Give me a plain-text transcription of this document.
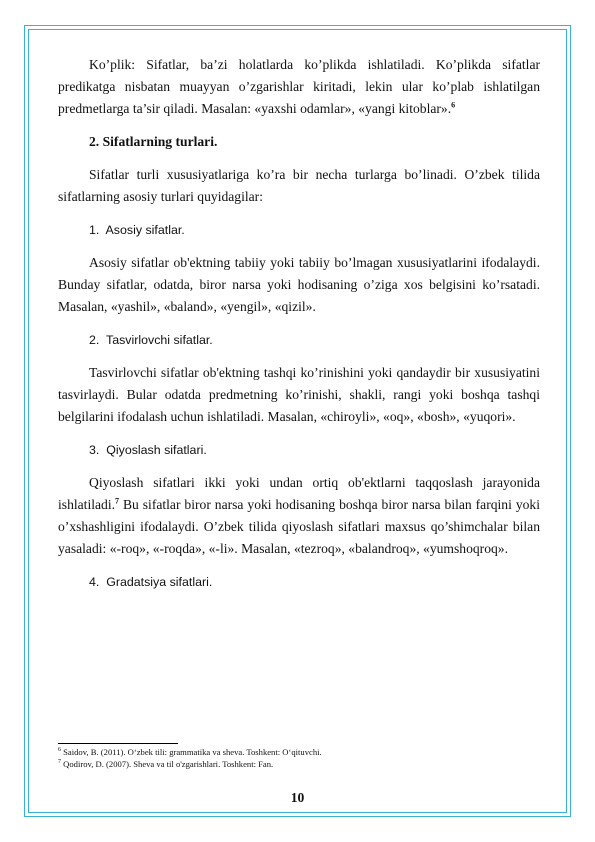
Ko’plik: Sifatlar, ba’zi holatlarda ko’plikda ishlatiladi. Ko’plikda sifatlar predikatga nisbatan muayyan o’zgarishlar kiritadi, lekin ular ko’plab ishlatilgan predmetlarga ta’sir qiladi. Masalan: «yaxshi odamlar», «yangi kitoblar».$^6$

2. Sifatlarning turlari.

Sifatlar turli xususiyatlariga ko’ra bir necha turlarga bo’linadi. O’zbek tilida sifatlarning asosiy turlari quyidagilar:

1. Asosiy sifatlar.

Asosiy sifatlar ob'ektning tabiiy yoki tabiiy bo’lmagan xususiyatlarini ifodalaydi. Bunday sifatlar, odatda, biror narsa yoki hodisaning o’ziga xos belgisini ko’rsatadi. Masalan, «yashil», «baland», «yengil», «qizil».

2. Tasvirlovchi sifatlar.

Tasvirlovchi sifatlar ob'ektning tashqi ko’rinishini yoki qandaydir bir xususiyatini tasvirlaydi. Bular odatda predmetning ko’rinishi, shakli, rangi yoki boshqa tashqi belgilarini ifodalash uchun ishlatiladi. Masalan, «chiroyli», «oq», «bosh», «yuqori».

3. Qiyoslash sifatlari.

Qiyoslash sifatlari ikki yoki undan ortiq ob'ektlarni taqqoslash jarayonida ishlatiladi.$^7$ Bu sifatlar biror narsa yoki hodisaning boshqa biror narsa bilan farqini yoki o’xshashligini ifodalaydi. O’zbek tilida qiyoslash sifatlari maxsus qo’shimchalar bilan yasaladi: «-roq», «-roqda», «-li». Masalan, «tezroq», «balandroq», «yumshoqroq».

4. Gradatsiya sifatlari.

$^6$ Saidov, B. (2011). O‘zbek tili: grammatika va sheva. Toshkent: O‘qituvchi.

$^7$ Qodirov, D. (2007). Sheva va til o'zgarishlari. Toshkent: Fan.

10
